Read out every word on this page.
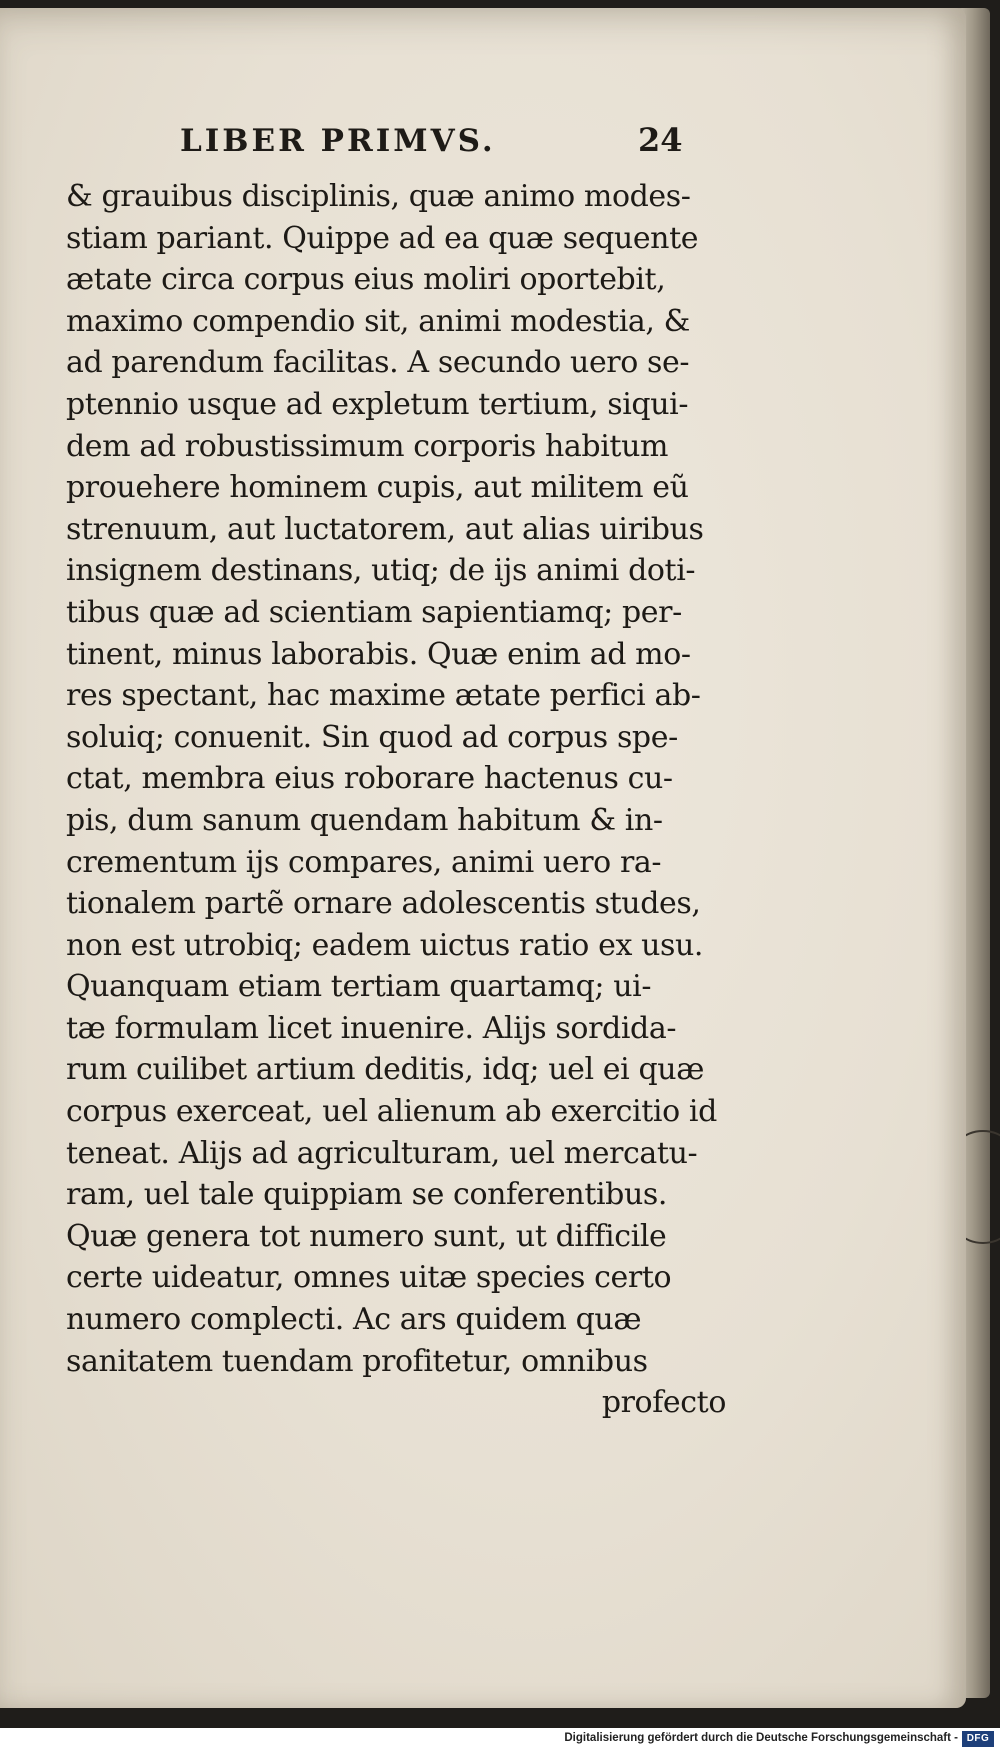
LIBER PRIMVS.	24
& grauibus disciplinis, quæ animo modes-
stiam pariant. Quippe ad ea quæ sequente
ætate circa corpus eius moliri oportebit,
maximo compendio sit, animi modestia, &
ad parendum facilitas. A secundo uero se-
ptennio usque ad expletum tertium, siqui-
dem ad robustissimum corporis habitum
prouehere hominem cupis, aut militem eũ
strenuum, aut luctatorem, aut alias uiribus
insignem destinans, utiq; de ijs animi doti-
tibus quæ ad scientiam sapientiamq; per-
tinent, minus laborabis. Quæ enim ad mo-
res spectant, hac maxime ætate perfici ab-
soluiq; conuenit. Sin quod ad corpus spe-
ctat, membra eius roborare hactenus cu-
pis, dum sanum quendam habitum & in-
crementum ijs compares, animi uero ra-
tionalem partẽ ornare adolescentis studes,
non est utrobiq; eadem uictus ratio ex usu.
Quanquam etiam tertiam quartamq; ui-
tæ formulam licet inuenire. Alijs sordida-
rum cuilibet artium deditis, idq; uel ei quæ
corpus exerceat, uel alienum ab exercitio id
teneat. Alijs ad agriculturam, uel mercatu-
ram, uel tale quippiam se conferentibus.
Quæ genera tot numero sunt, ut difficile
certe uideatur, omnes uitæ species certo
numero complecti. Ac ars quidem quæ
sanitatem tuendam profitetur, omnibus
profecto
Digitalisierung gefördert durch die Deutsche Forschungsgemeinschaft - DFG
